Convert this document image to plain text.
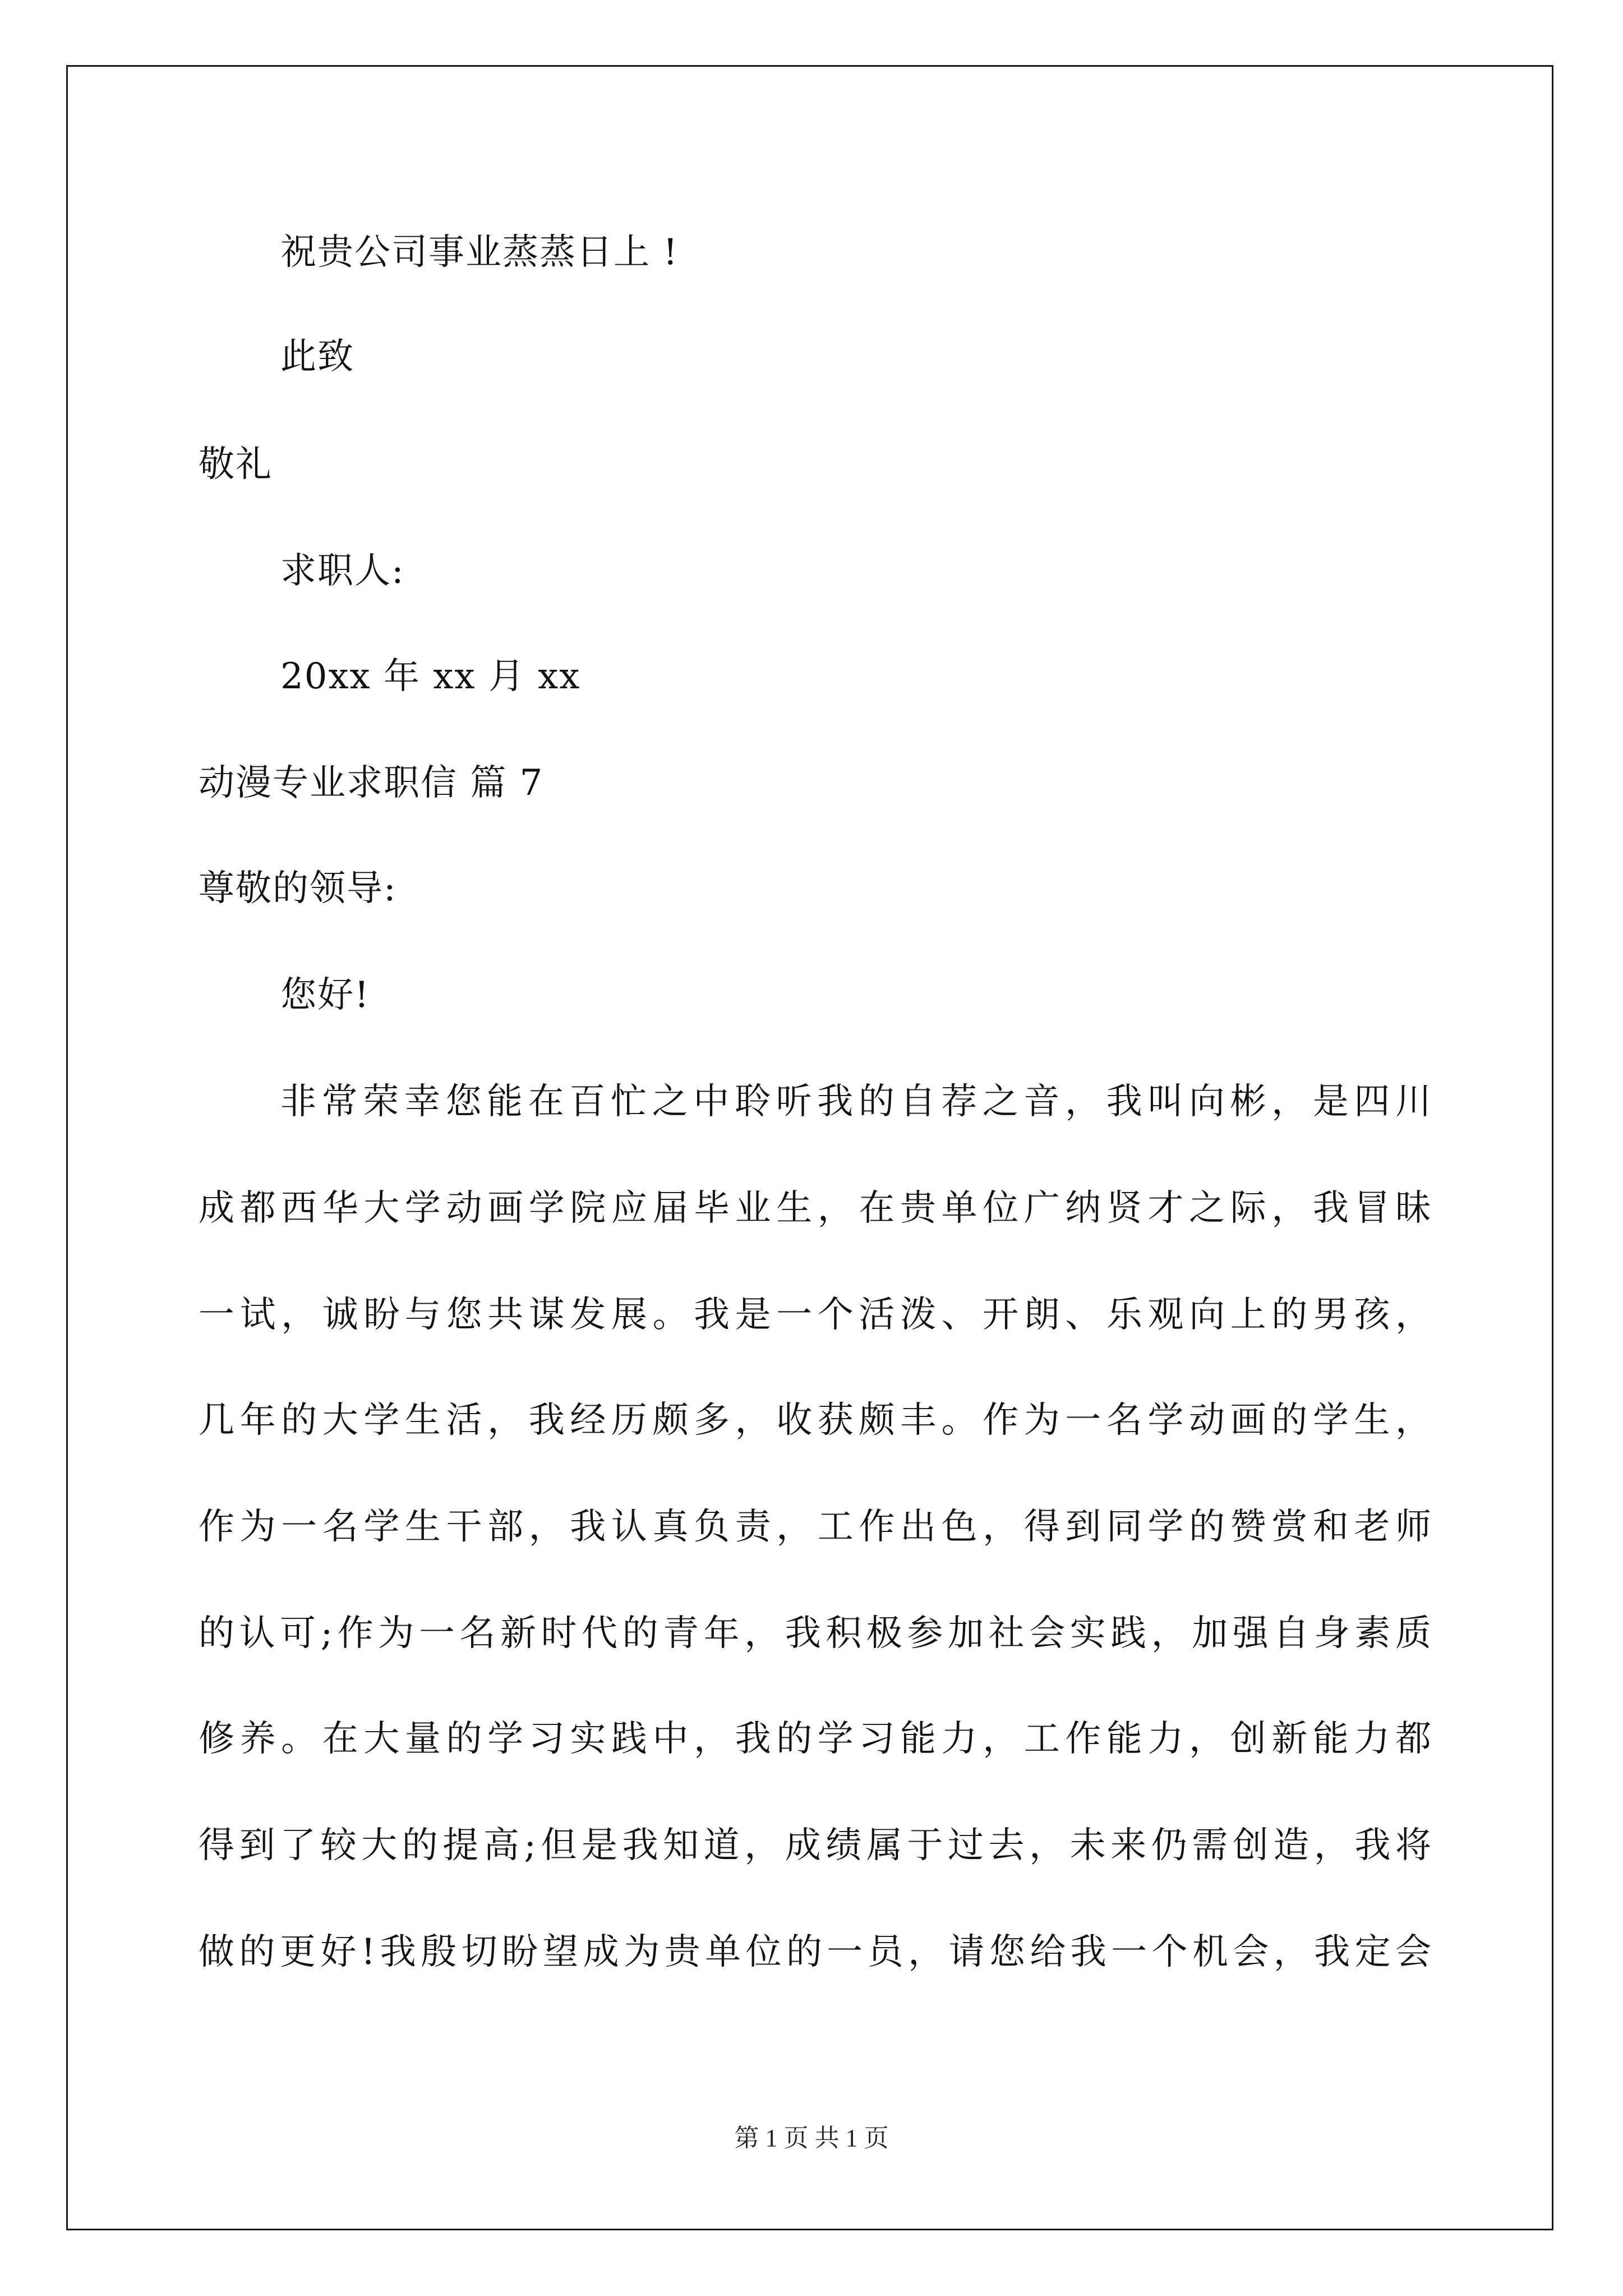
祝贵公司事业蒸蒸日上 !
此致
敬礼
求职人:
20xx 年 xx 月 xx
动漫专业求职信 篇 7
尊敬的领导:
您好!
非常荣幸您能在百忙之中聆听我的自荐之音，我叫向彬，是四川
成都西华大学动画学院应届毕业生，在贵单位广纳贤才之际，我冒昧
一试，诚盼与您共谋发展。我是一个活泼、开朗、乐观向上的男孩，
几年的大学生活，我经历颇多，收获颇丰。作为一名学动画的学生，
作为一名学生干部，我认真负责，工作出色，得到同学的赞赏和老师
的认可;作为一名新时代的青年，我积极参加社会实践，加强自身素质
修养。在大量的学习实践中，我的学习能力，工作能力，创新能力都
得到了较大的提高;但是我知道，成绩属于过去，未来仍需创造，我将
做的更好!我殷切盼望成为贵单位的一员，请您给我一个机会，我定会
第 1 页 共 1 页
